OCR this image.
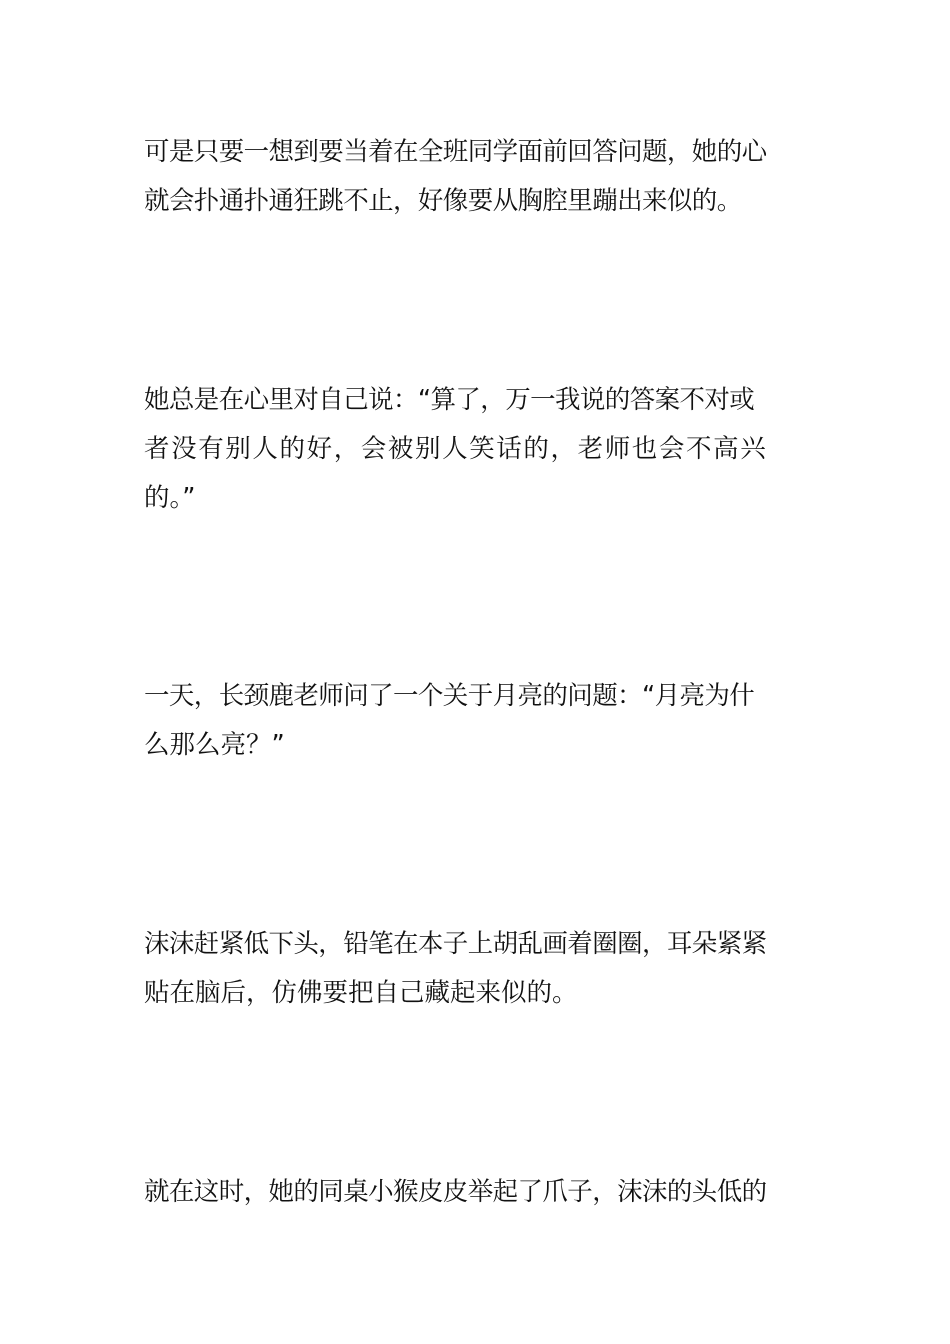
可是只要一想到要当着在全班同学面前回答问题，她的心
就会扑通扑通狂跳不止，好像要从胸腔里蹦出来似的。

她总是在心里对自己说：“算了，万一我说的答案不对或
者没有别人的好，会被别人笑话的，老师也会不高兴
的。”

一天，长颈鹿老师问了一个关于月亮的问题：“月亮为什
么那么亮？”

沫沫赶紧低下头，铅笔在本子上胡乱画着圈圈，耳朵紧紧
贴在脑后，仿佛要把自己藏起来似的。

就在这时，她的同桌小猴皮皮举起了爪子，沫沫的头低的
